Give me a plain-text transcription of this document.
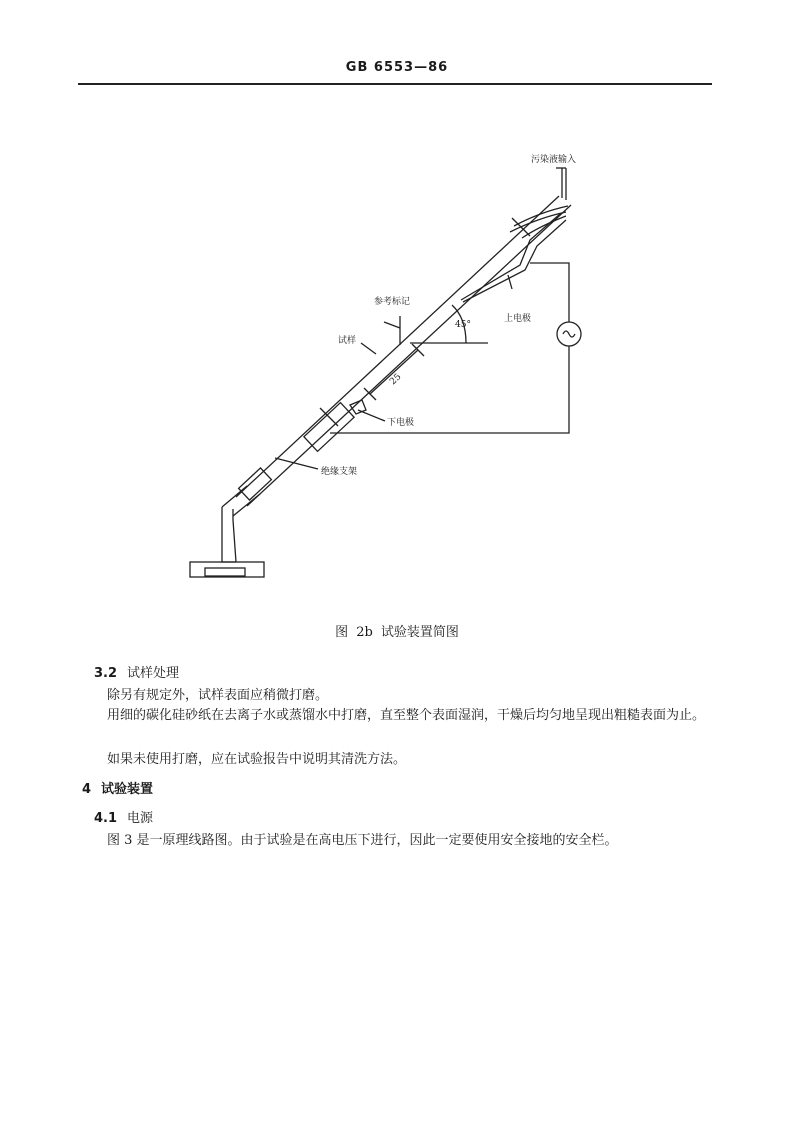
GB 6553—86
污染液输入
上电极
参考标记
45°
试样
25
下电极
绝缘支架
图 2b 试验装置简图
3.2 试样处理
除另有规定外，试样表面应稍微打磨。
用细的碳化硅砂纸在去离子水或蒸馏水中打磨，直至整个表面湿润，干燥后均匀地呈现出粗糙表面为止。
如果未使用打磨，应在试验报告中说明其清洗方法。
4 试验装置
4.1 电源
图 3 是一原理线路图。由于试验是在高电压下进行，因此一定要使用安全接地的安全栏。
